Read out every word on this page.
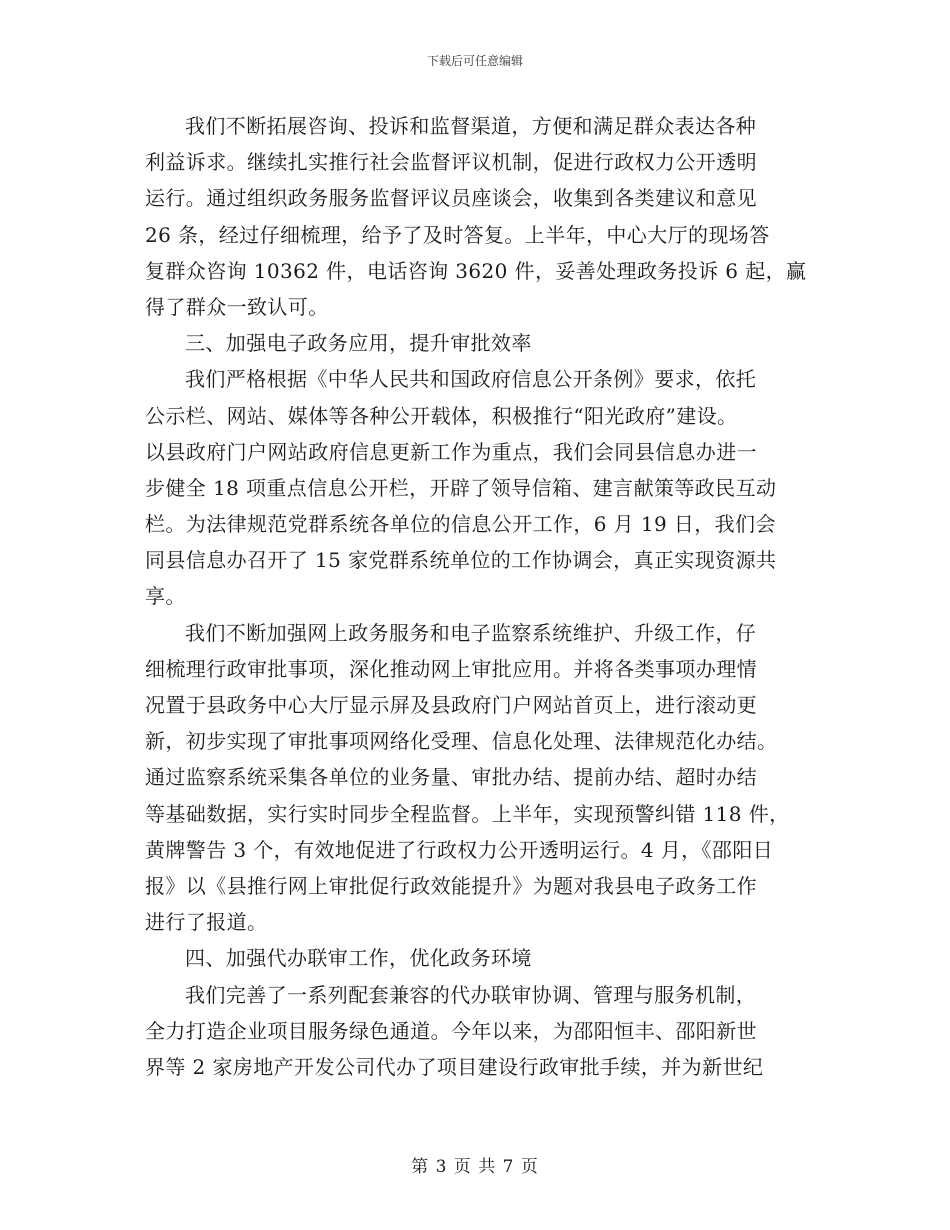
下载后可任意编辑
我们不断拓展咨询、投诉和监督渠道，方便和满足群众表达各种
利益诉求。继续扎实推行社会监督评议机制，促进行政权力公开透明
运行。通过组织政务服务监督评议员座谈会，收集到各类建议和意见
26 条，经过仔细梳理，给予了及时答复。上半年，中心大厅的现场答
复群众咨询 10362 件，电话咨询 3620 件，妥善处理政务投诉 6 起，赢
得了群众一致认可。
三、加强电子政务应用，提升审批效率
我们严格根据《中华人民共和国政府信息公开条例》要求，依托
公示栏、网站、媒体等各种公开载体，积极推行“阳光政府”建设。
以县政府门户网站政府信息更新工作为重点，我们会同县信息办进一
步健全 18 项重点信息公开栏，开辟了领导信箱、建言献策等政民互动
栏。为法律规范党群系统各单位的信息公开工作，6 月 19 日，我们会
同县信息办召开了 15 家党群系统单位的工作协调会，真正实现资源共
享。
我们不断加强网上政务服务和电子监察系统维护、升级工作，仔
细梳理行政审批事项，深化推动网上审批应用。并将各类事项办理情
况置于县政务中心大厅显示屏及县政府门户网站首页上，进行滚动更
新，初步实现了审批事项网络化受理、信息化处理、法律规范化办结。
通过监察系统采集各单位的业务量、审批办结、提前办结、超时办结
等基础数据，实行实时同步全程监督。上半年，实现预警纠错 118 件，
黄牌警告 3 个，有效地促进了行政权力公开透明运行。4 月，《邵阳日
报》以《县推行网上审批促行政效能提升》为题对我县电子政务工作
进行了报道。
四、加强代办联审工作，优化政务环境
我们完善了一系列配套兼容的代办联审协调、管理与服务机制，
全力打造企业项目服务绿色通道。今年以来，为邵阳恒丰、邵阳新世
界等 2 家房地产开发公司代办了项目建设行政审批手续，并为新世纪
第 3 页 共 7 页
